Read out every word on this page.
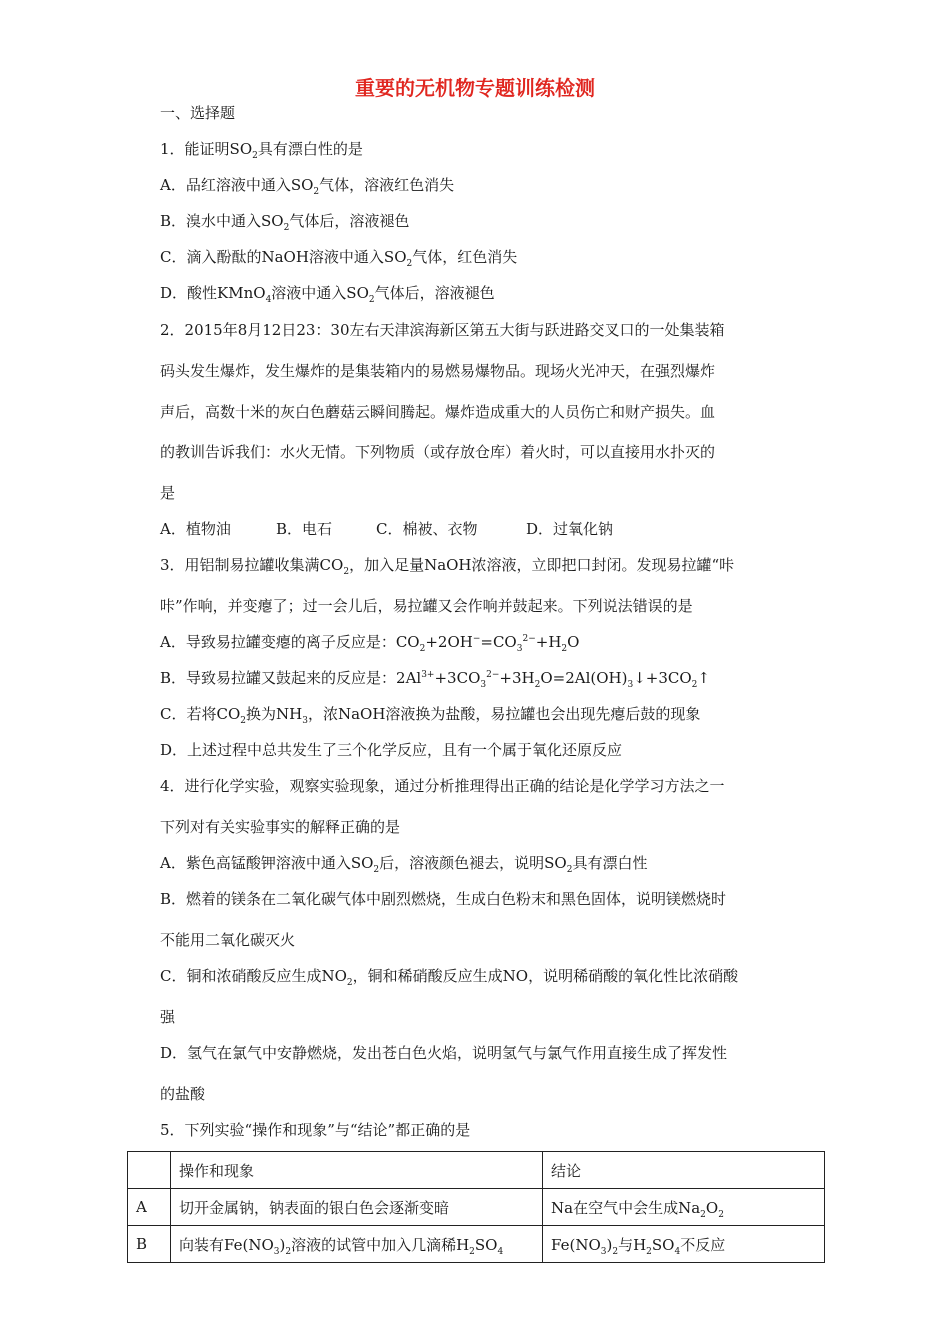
重要的无机物专题训练检测
一、选择题
1．能证明$SO_2$具有漂白性的是
A．品红溶液中通入$SO_2$气体，溶液红色消失
B．溴水中通入$SO_2$气体后，溶液褪色
C．滴入酚酞的NaOH溶液中通入$SO_2$气体，红色消失
D．酸性KMnO$_4$溶液中通入$SO_2$气体后，溶液褪色
2．2015年8月12日23：30左右天津滨海新区第五大街与跃进路交叉口的一处集装箱
码头发生爆炸，发生爆炸的是集装箱内的易燃易爆物品。现场火光冲天，在强烈爆炸
声后，高数十米的灰白色蘑菇云瞬间腾起。爆炸造成重大的人员伤亡和财产损失。血
的教训告诉我们：水火无情。下列物质（或存放仓库）着火时，可以直接用水扑灭的
是
A．植物油	B．电石	C．棉被、衣物	D．过氧化钠
3．用铝制易拉罐收集满$CO_2$，加入足量NaOH浓溶液，立即把口封闭。发现易拉罐“咔
咔”作响，并变瘪了；过一会儿后，易拉罐又会作响并鼓起来。下列说法错误的是
A．导致易拉罐变瘪的离子反应是：$CO_2+2OH^-=CO_3^{2-}+H_2O$
B．导致易拉罐又鼓起来的反应是：$2Al^{3+}+3CO_3^{2-}+3H_2O=2Al(OH)_3↓+3CO_2↑$
C．若将$CO_2$换为$NH_3$，浓NaOH溶液换为盐酸，易拉罐也会出现先瘪后鼓的现象
D．上述过程中总共发生了三个化学反应，且有一个属于氧化还原反应
4．进行化学实验，观察实验现象，通过分析推理得出正确的结论是化学学习方法之一
下列对有关实验事实的解释正确的是
A．紫色高锰酸钾溶液中通入$SO_2$后，溶液颜色褪去，说明$SO_2$具有漂白性
B．燃着的镁条在二氧化碳气体中剧烈燃烧，生成白色粉末和黑色固体，说明镁燃烧时
不能用二氧化碳灭火
C．铜和浓硝酸反应生成$NO_2$，铜和稀硝酸反应生成NO，说明稀硝酸的氧化性比浓硝酸
强
D．氢气在氯气中安静燃烧，发出苍白色火焰，说明氢气与氯气作用直接生成了挥发性
的盐酸
5．下列实验“操作和现象”与“结论”都正确的是
	操作和现象	结论
A	切开金属钠，钠表面的银白色会逐渐变暗	Na在空气中会生成$Na_2O_2$
B	向装有$Fe(NO_3)_2$溶液的试管中加入几滴稀$H_2SO_4$	$Fe(NO_3)_2$与$H_2SO_4$不反应
